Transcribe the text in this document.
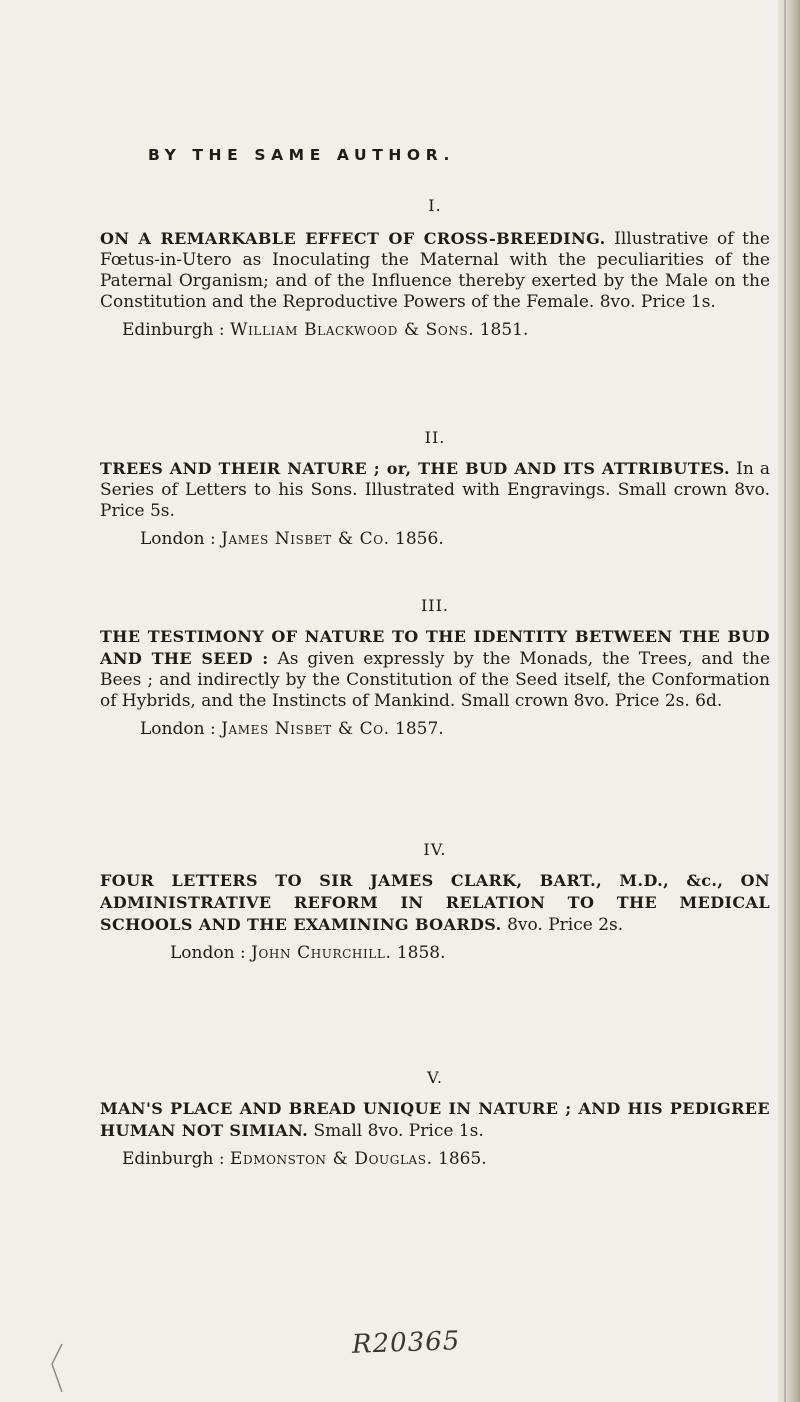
BY THE SAME AUTHOR.
I.
ON A REMARKABLE EFFECT OF CROSS-BREEDING. Illustrative of the Fœtus-in-Utero as Inoculating the Maternal with the peculiarities of the Paternal Organism; and of the Influence thereby exerted by the Male on the Constitution and the Reproductive Powers of the Female. 8vo. Price 1s.
Edinburgh : William Blackwood & Sons. 1851.
II.
TREES AND THEIR NATURE ; or, THE BUD AND ITS ATTRIBUTES. In a Series of Letters to his Sons. Illustrated with Engravings. Small crown 8vo. Price 5s.
London : James Nisbet & Co. 1856.
III.
THE TESTIMONY OF NATURE TO THE IDENTITY BETWEEN THE BUD AND THE SEED : As given expressly by the Monads, the Trees, and the Bees ; and indirectly by the Constitution of the Seed itself, the Conformation of Hybrids, and the Instincts of Mankind. Small crown 8vo. Price 2s. 6d.
London : James Nisbet & Co. 1857.
IV.
FOUR LETTERS TO SIR JAMES CLARK, BART., M.D., &c., ON ADMINISTRATIVE REFORM IN RELATION TO THE MEDICAL SCHOOLS AND THE EXAMINING BOARDS. 8vo. Price 2s.
London : John Churchill. 1858.
V.
MAN'S PLACE AND BREAD UNIQUE IN NATURE ; AND HIS PEDIGREE HUMAN NOT SIMIAN. Small 8vo. Price 1s.
Edinburgh : Edmonston & Douglas. 1865.
R20365
